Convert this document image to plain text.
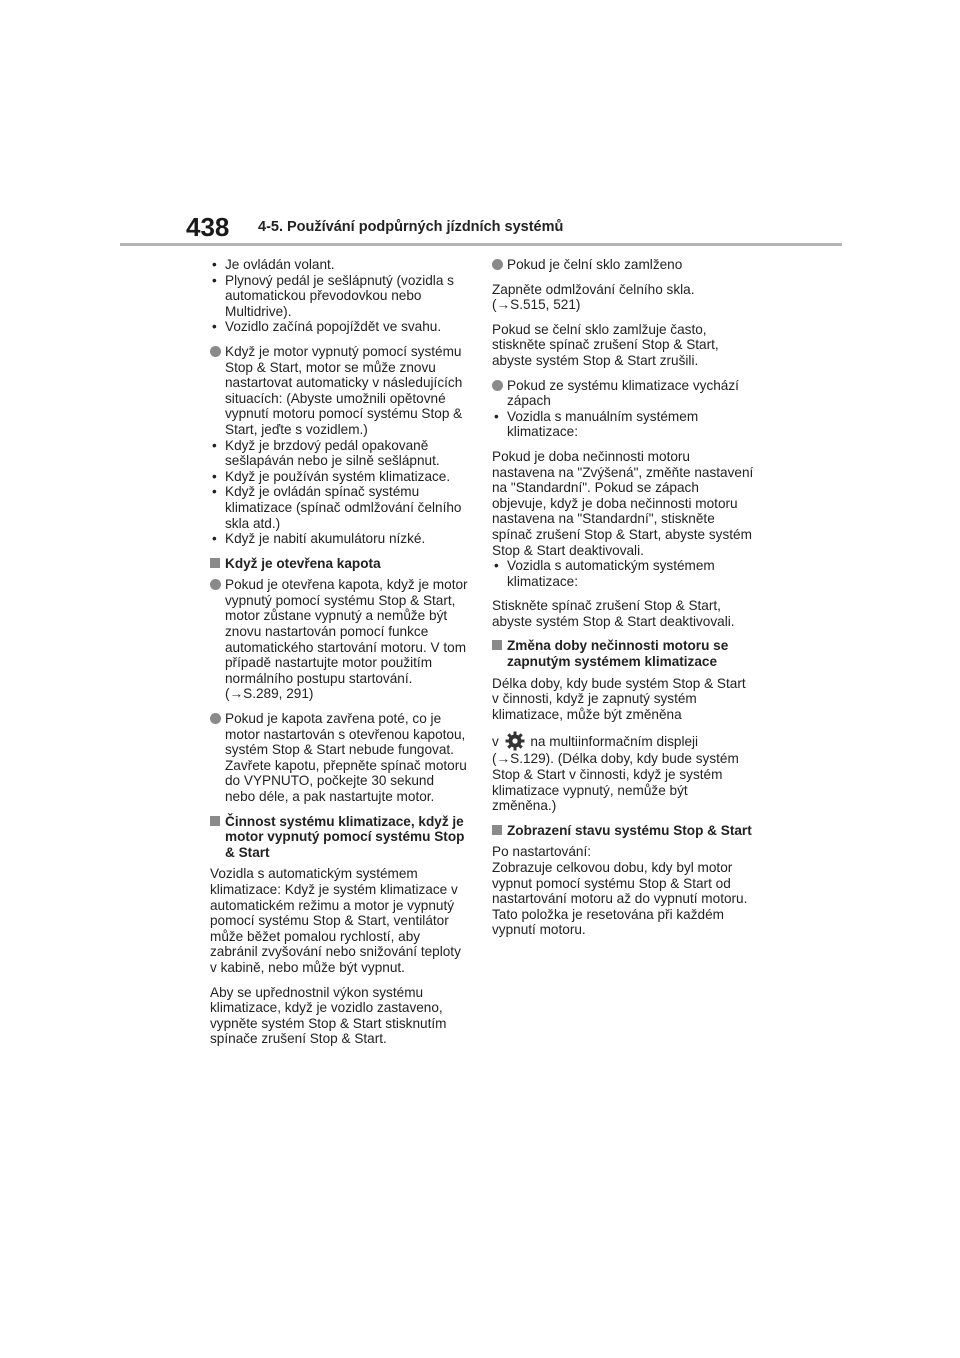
438 4-5. Používání podpůrných jízdních systémů

• Je ovládán volant.

• Plynový pedál je sešlápnutý (vozidla s automatickou převodovkou nebo Multidrive).

• Vozidlo začíná popojíždět ve svahu.

Když je motor vypnutý pomocí systému Stop & Start, motor se může znovu nastartovat automaticky v následujících situacích: (Abyste umožnili opětovné vypnutí motoru pomocí systému Stop & Start, jeďte s vozidlem.)

• Když je brzdový pedál opakovaně sešlapáván nebo je silně sešlápnut.

• Když je používán systém klimatizace.

• Když je ovládán spínač systému klimatizace (spínač odmlžování čelního skla atd.)

• Když je nabití akumulátoru nízké.

Když je otevřena kapota
Pokud je otevřena kapota, když je motor vypnutý pomocí systému Stop & Start, motor zůstane vypnutý a nemůže být znovu nastartován pomocí funkce automatického startování motoru. V tom případě nastartujte motor použitím normálního postupu startování. (→S.289, 291)
Pokud je kapota zavřena poté, co je motor nastartován s otevřenou kapotou, systém Stop & Start nebude fungovat. Zavřete kapotu, přepněte spínač motoru do VYPNUTO, počkejte 30 sekund nebo déle, a pak nastartujte motor.
Činnost systému klimatizace, když je motor vypnutý pomocí systému Stop & Start

Vozidla s automatickým systémem klimatizace: Když je systém klimatizace v automatickém režimu a motor je vypnutý pomocí systému Stop & Start, ventilátor může běžet pomalou rychlostí, aby zabránil zvyšování nebo snižování teploty v kabině, nebo může být vypnut.

Aby se upřednostnil výkon systému klimatizace, když je vozidlo zastaveno, vypněte systém Stop & Start stisknutím spínače zrušení Stop & Start.

Pokud je čelní sklo zamlženo

Zapněte odmlžování čelního skla. (→S.515, 521)

Pokud se čelní sklo zamlžuje často, stiskněte spínač zrušení Stop & Start, abyste systém Stop & Start zrušili.

Pokud ze systému klimatizace vychází zápach

• Vozidla s manuálním systémem klimatizace:

Pokud je doba nečinnosti motoru nastavena na "Zvýšená", změňte nastavení na "Standardní". Pokud se zápach objevuje, když je doba nečinnosti motoru nastavena na "Standardní", stiskněte spínač zrušení Stop & Start, abyste systém Stop & Start deaktivovali.

• Vozidla s automatickým systémem klimatizace:

Stiskněte spínač zrušení Stop & Start, abyste systém Stop & Start deaktivovali.

Změna doby nečinnosti motoru se zapnutým systémem klimatizace

Délka doby, kdy bude systém Stop & Start v činnosti, když je zapnutý systém klimatizace, může být změněna

v na multiinformačním displeji (→S.129). (Délka doby, kdy bude systém Stop & Start v činnosti, když je systém klimatizace vypnutý, nemůže být změněna.)

Zobrazení stavu systému Stop & Start

Po nastartování:

Zobrazuje celkovou dobu, kdy byl motor vypnut pomocí systému Stop & Start od nastartování motoru až do vypnutí motoru.

Tato položka je resetována při každém vypnutí motoru.
